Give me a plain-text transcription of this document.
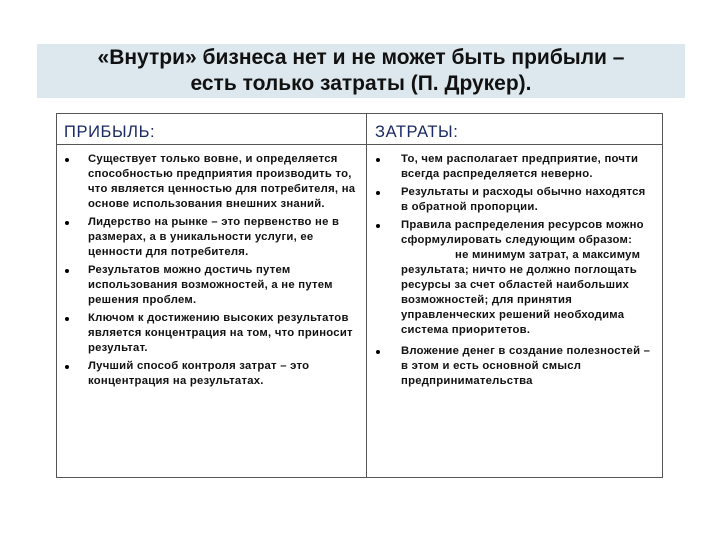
«Внутри» бизнеса нет и не может быть прибыли –
есть только затраты (П. Друкер).
ПРИБЫЛЬ:
Существует только вовне, и определяется способностью предприятия производить то, что является ценностью для потребителя, на основе использования внешних знаний.
Лидерство на рынке – это первенство не в размерах, а в уникальности услуги, ее ценности для потребителя.
Результатов можно достичь путем использования возможностей, а не путем решения проблем.
Ключом к достижению высоких результатов является концентрация на том, что приносит результат.
Лучший способ контроля затрат – это концентрация на результатах.
ЗАТРАТЫ:
То, чем располагает предприятие, почти всегда распределяется неверно.
Результаты и расходы обычно находятся в обратной пропорции.
Правила распределения ресурсов можно сформулировать следующим образом:не минимум затрат, а максимум результата; ничто не должно поглощать ресурсы за счет областей наибольших возможностей; для принятия управленческих решений необходима система приоритетов.
Вложение денег в создание полезностей – в этом и есть основной смысл предпринимательства
